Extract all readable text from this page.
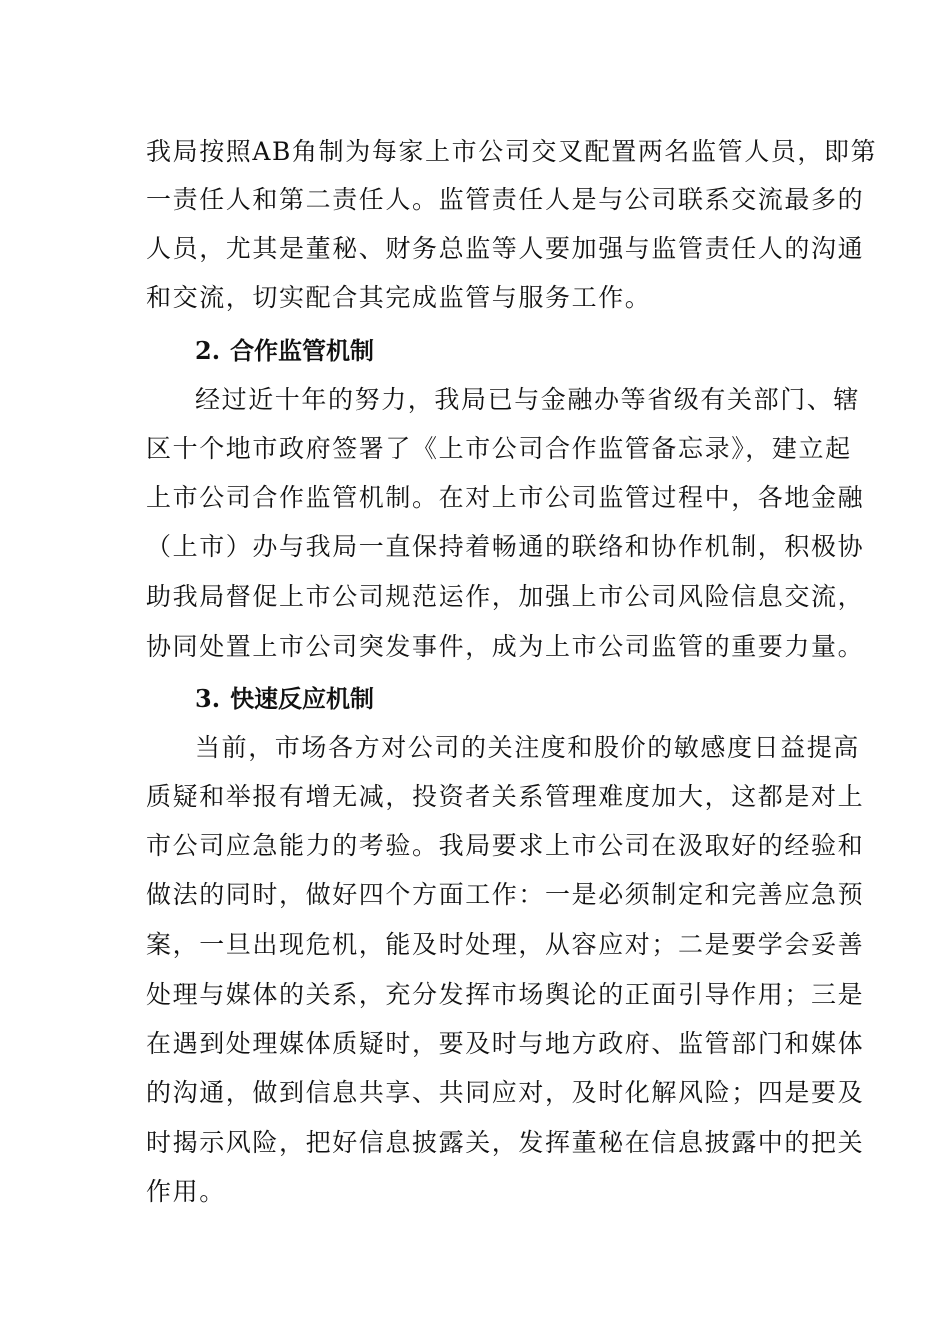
我局按照AB角制为每家上市公司交叉配置两名监管人员，即第
一责任人和第二责任人。监管责任人是与公司联系交流最多的
人员，尤其是董秘、财务总监等人要加强与监管责任人的沟通
和交流，切实配合其完成监管与服务工作。
2. 合作监管机制
经过近十年的努力，我局已与金融办等省级有关部门、辖
区十个地市政府签署了《上市公司合作监管备忘录》，建立起
上市公司合作监管机制。在对上市公司监管过程中，各地金融
（上市）办与我局一直保持着畅通的联络和协作机制，积极协
助我局督促上市公司规范运作，加强上市公司风险信息交流，
协同处置上市公司突发事件，成为上市公司监管的重要力量。
3. 快速反应机制
当前，市场各方对公司的关注度和股价的敏感度日益提高
质疑和举报有增无减，投资者关系管理难度加大，这都是对上
市公司应急能力的考验。我局要求上市公司在汲取好的经验和
做法的同时，做好四个方面工作：一是必须制定和完善应急预
案，一旦出现危机，能及时处理，从容应对；二是要学会妥善
处理与媒体的关系，充分发挥市场舆论的正面引导作用；三是
在遇到处理媒体质疑时，要及时与地方政府、监管部门和媒体
的沟通，做到信息共享、共同应对，及时化解风险；四是要及
时揭示风险，把好信息披露关，发挥董秘在信息披露中的把关
作用。
